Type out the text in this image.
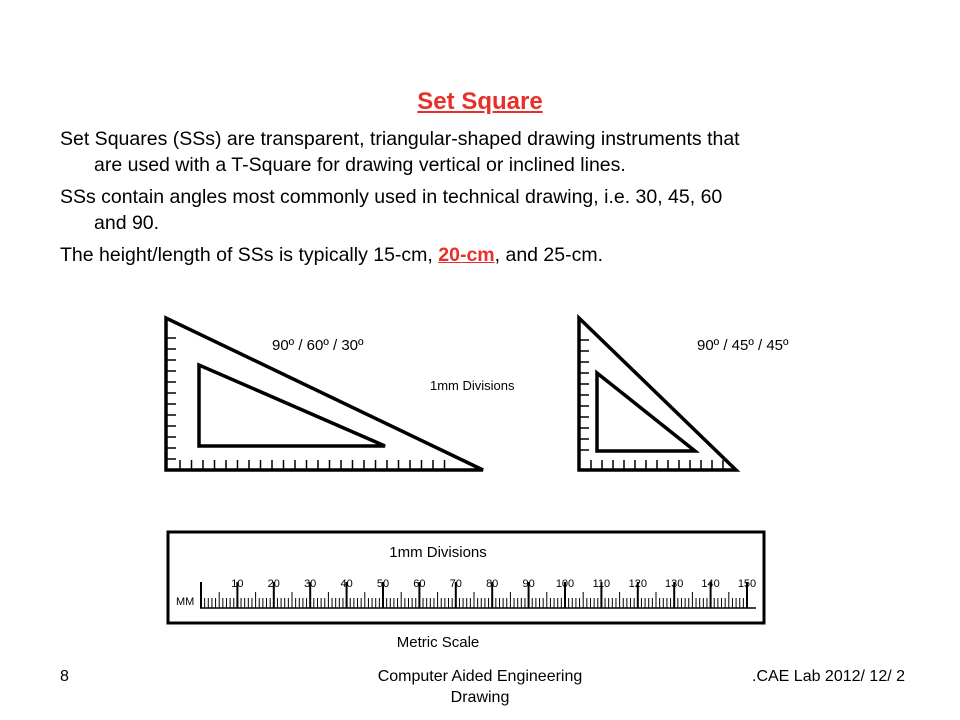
Set Square
Set Squares (SSs) are transparent, triangular-shaped drawing instruments that
are used with a T-Square for drawing vertical or inclined lines.
SSs contain angles most commonly used in technical drawing, i.e. 30, 45, 60
and 90.
The height/length of SSs is typically 15-cm, 20-cm, and 25-cm.
90º / 60º / 30º
1mm Divisions
90º / 45º / 45º
1mm Divisions
MM
10 20 30 40 50 60 70 80 90 100 110 120 130 140 150
Metric Scale
8	Computer Aided Engineering
Drawing
.CAE Lab 2012/ 12/ 2
